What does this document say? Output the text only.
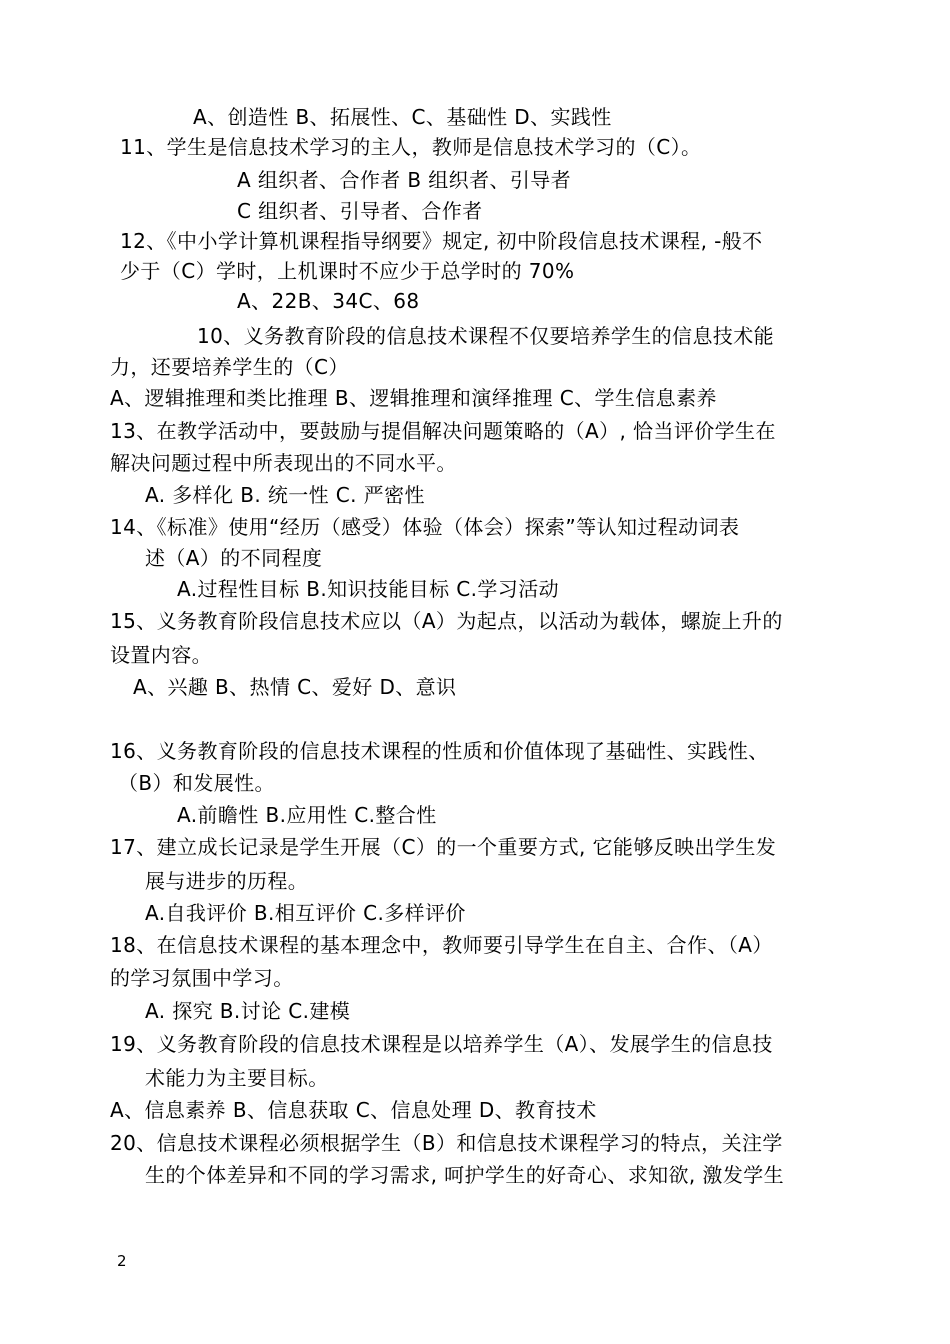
A、创造性 B、拓展性、C、基础性 D、实践性
11、学生是信息技术学习的主人，教师是信息技术学习的（C）。
A 组织者、合作者 B 组织者、引导者
C 组织者、引导者、合作者
12、《中小学计算机课程指导纲要》规定, 初中阶段信息技术课程, -般不
少于（C）学时，上机课时不应少于总学时的 70%
A、22B、34C、68
10、义务教育阶段的信息技术课程不仅要培养学生的信息技术能
力，还要培养学生的（C）
A、逻辑推理和类比推理 B、逻辑推理和演绎推理 C、学生信息素养
13、在教学活动中，要鼓励与提倡解决问题策略的（A）, 恰当评价学生在
解决问题过程中所表现出的不同水平。
A. 多样化 B. 统一性 C. 严密性
14、《标准》使用“经历（感受）体验（体会）探索”等认知过程动词表
述（A）的不同程度
A.过程性目标 B.知识技能目标 C.学习活动
15、义务教育阶段信息技术应以（A）为起点，以活动为载体，螺旋上升的
设置内容。
A、兴趣 B、热情 C、爱好 D、意识
16、义务教育阶段的信息技术课程的性质和价值体现了基础性、实践性、
（B）和发展性。
A.前瞻性 B.应用性 C.整合性
17、建立成长记录是学生开展（C）的一个重要方式, 它能够反映出学生发
展与进步的历程。
A.自我评价 B.相互评价 C.多样评价
18、在信息技术课程的基本理念中，教师要引导学生在自主、合作、（A）
的学习氛围中学习。
A. 探究 B.讨论 C.建模
19、义务教育阶段的信息技术课程是以培养学生（A）、发展学生的信息技
术能力为主要目标。
A、信息素养 B、信息获取 C、信息处理 D、教育技术
20、信息技术课程必须根据学生（B）和信息技术课程学习的特点，关注学
生的个体差异和不同的学习需求, 呵护学生的好奇心、求知欲, 激发学生
2
